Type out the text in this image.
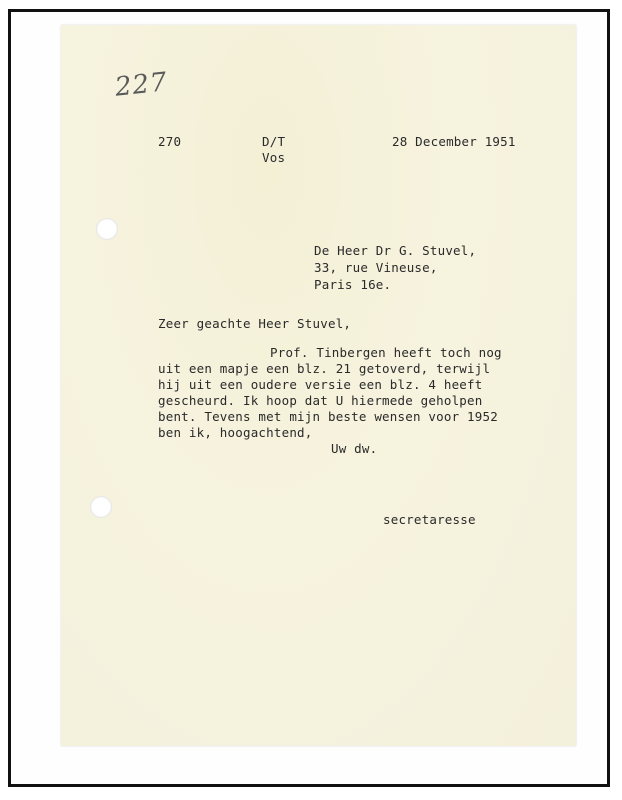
227
270	D/T
Vos
28 December 1951
De Heer Dr G. Stuvel,
33, rue Vineuse,
Paris 16e.
Zeer geachte Heer Stuvel,
Prof. Tinbergen heeft toch nog
uit een mapje een blz. 21 getoverd, terwijl
hij uit een oudere versie een blz. 4 heeft
gescheurd. Ik hoop dat U hiermede geholpen
bent. Tevens met mijn beste wensen voor 1952
ben ik, hoogachtend,
Uw dw.
secretaresse
